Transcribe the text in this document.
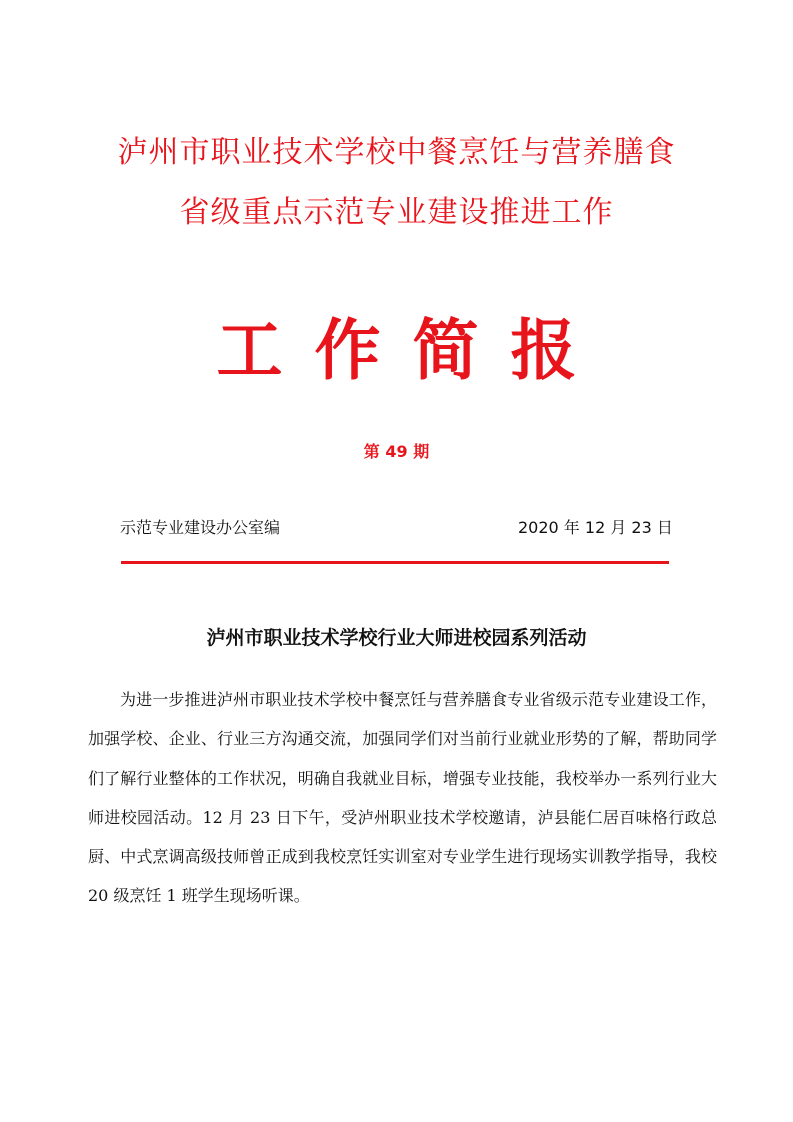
泸州市职业技术学校中餐烹饪与营养膳食
省级重点示范专业建设推进工作
工作简报
第 49 期
示范专业建设办公室编	2020 年 12 月 23 日
泸州市职业技术学校行业大师进校园系列活动

为进一步推进泸州市职业技术学校中餐烹饪与营养膳食专业省级示范专业建设工作，加强学校、企业、行业三方沟通交流，加强同学们对当前行业就业形势的了解，帮助同学们了解行业整体的工作状况，明确自我就业目标，增强专业技能，我校举办一系列行业大师进校园活动。12 月 23 日下午，受泸州职业技术学校邀请，泸县能仁居百味格行政总厨、中式烹调高级技师曾正成到我校烹饪实训室对专业学生进行现场实训教学指导，我校 20 级烹饪 1 班学生现场听课。
